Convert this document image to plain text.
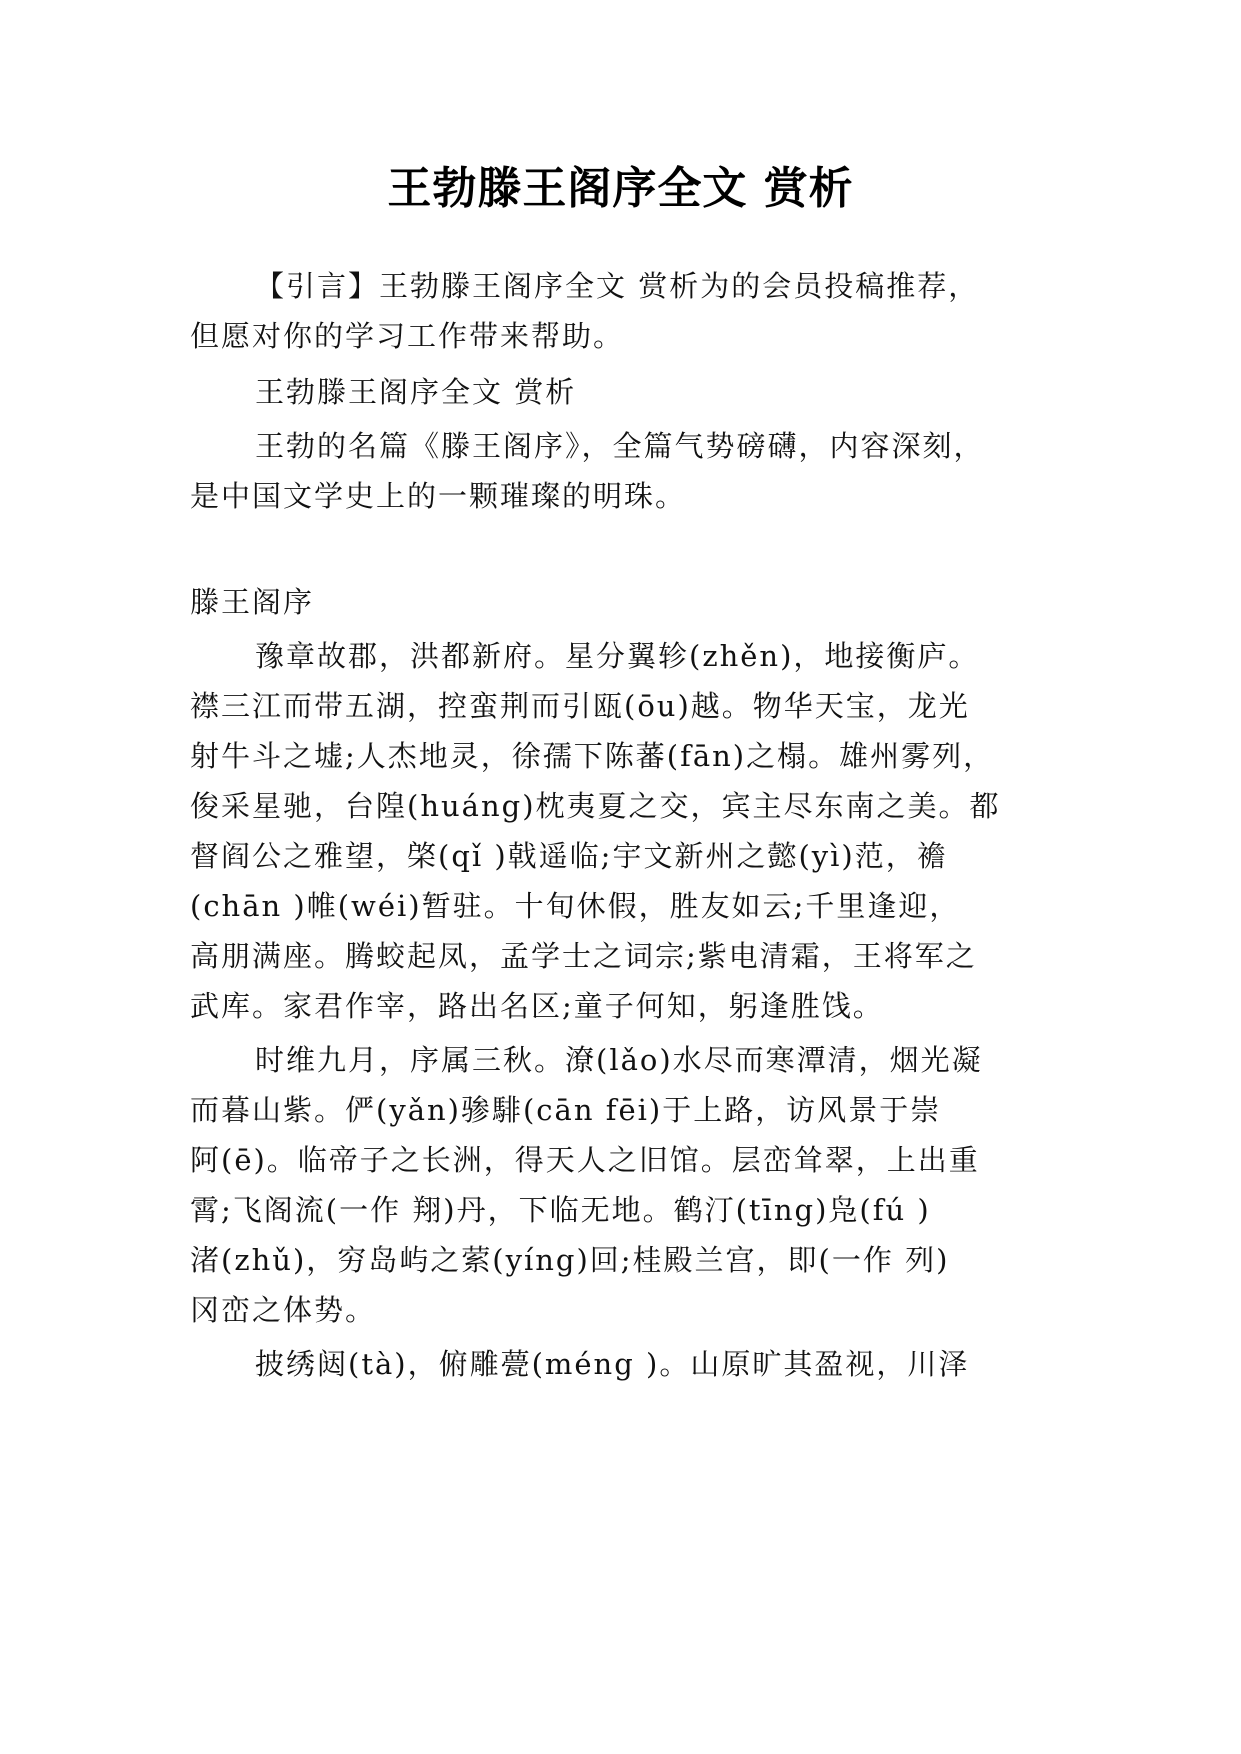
王勃滕王阁序全文 赏析
【引言】王勃滕王阁序全文 赏析为的会员投稿推荐，
但愿对你的学习工作带来帮助。
王勃滕王阁序全文 赏析
王勃的名篇《滕王阁序》，全篇气势磅礴，内容深刻，
是中国文学史上的一颗璀璨的明珠。
滕王阁序
豫章故郡，洪都新府。星分翼轸(zhěn)，地接衡庐。
襟三江而带五湖，控蛮荆而引瓯(ōu)越。物华天宝，龙光
射牛斗之墟;人杰地灵，徐孺下陈蕃(fān)之榻。雄州雾列，
俊采星驰，台隍(huáng)枕夷夏之交，宾主尽东南之美。都
督阎公之雅望，棨(qǐ )戟遥临;宇文新州之懿(yì)范，襜
(chān )帷(wéi)暂驻。十旬休假，胜友如云;千里逢迎，
高朋满座。腾蛟起凤，孟学士之词宗;紫电清霜，王将军之
武库。家君作宰，路出名区;童子何知，躬逢胜饯。
时维九月，序属三秋。潦(lǎo)水尽而寒潭清，烟光凝
而暮山紫。俨(yǎn)骖騑(cān fēi)于上路，访风景于崇
阿(ē)。临帝子之长洲，得天人之旧馆。层峦耸翠，上出重
霄;飞阁流(一作 翔)丹，下临无地。鹤汀(tīng)凫(fú )
渚(zhǔ)，穷岛屿之萦(yíng)回;桂殿兰宫，即(一作 列)
冈峦之体势。
披绣闼(tà)，俯雕甍(méng )。山原旷其盈视，川泽
